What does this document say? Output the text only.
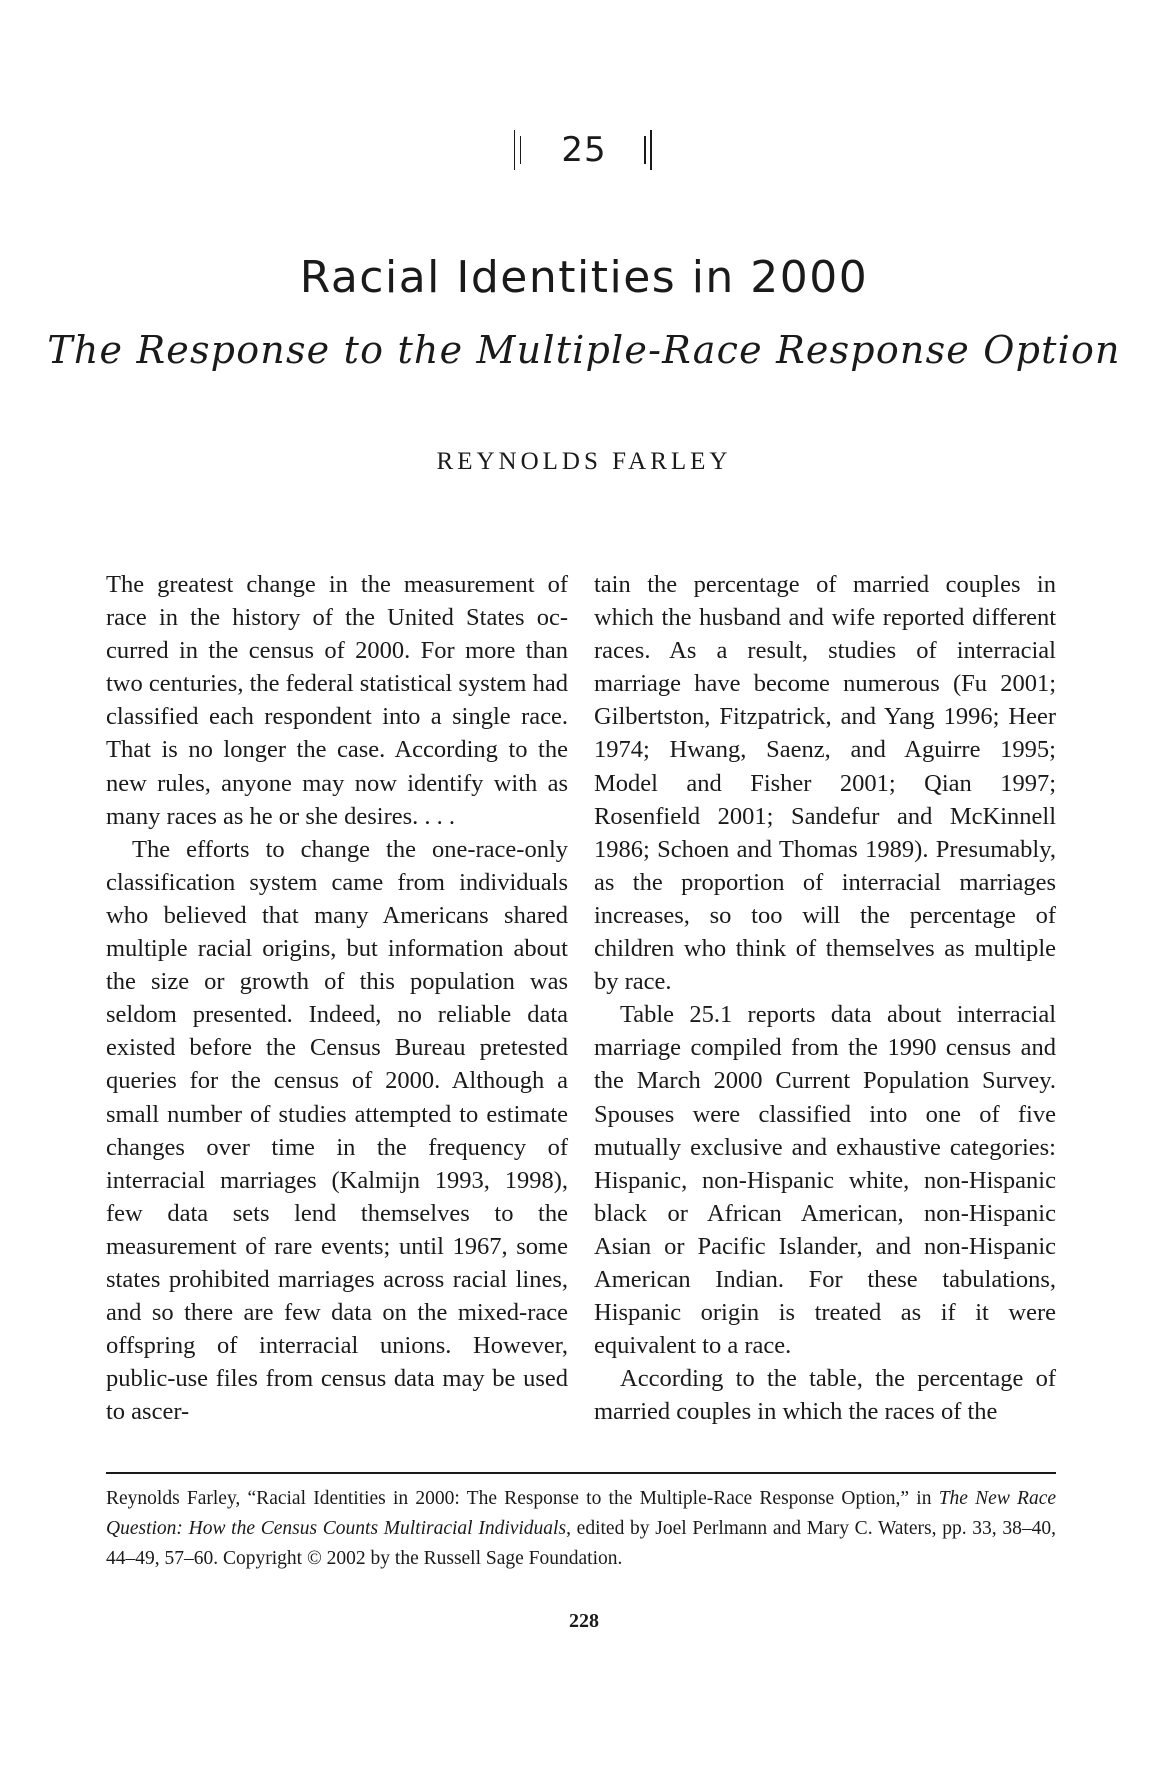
25
Racial Identities in 2000
The Response to the Multiple-Race Response Option
REYNOLDS FARLEY

The greatest change in the measurement of race in the history of the United States occurred in the census of 2000. For more than two centuries, the federal statistical system had classified each respondent into a single race. That is no longer the case. According to the new rules, anyone may now identify with as many races as he or she desires. . . .

The efforts to change the one-race-only classification system came from individuals who believed that many Americans shared multiple racial origins, but information about the size or growth of this population was seldom presented. Indeed, no reliable data existed before the Census Bureau pretested queries for the census of 2000. Although a small number of studies attempted to estimate changes over time in the frequency of interracial marriages (Kalmijn 1993, 1998), few data sets lend themselves to the measurement of rare events; until 1967, some states prohibited marriages across racial lines, and so there are few data on the mixed-race offspring of interracial unions. However, public-use files from census data may be used to ascer-

tain the percentage of married couples in which the husband and wife reported different races. As a result, studies of interracial marriage have become numerous (Fu 2001; Gilbertston, Fitzpatrick, and Yang 1996; Heer 1974; Hwang, Saenz, and Aguirre 1995; Model and Fisher 2001; Qian 1997; Rosenfield 2001; Sandefur and McKinnell 1986; Schoen and Thomas 1989). Presumably, as the proportion of interracial marriages increases, so too will the percentage of children who think of themselves as multiple by race.

Table 25.1 reports data about interracial marriage compiled from the 1990 census and the March 2000 Current Population Survey. Spouses were classified into one of five mutually exclusive and exhaustive categories: Hispanic, non-Hispanic white, non-Hispanic black or African American, non-Hispanic Asian or Pacific Islander, and non-Hispanic American Indian. For these tabulations, Hispanic origin is treated as if it were equivalent to a race.

According to the table, the percentage of married couples in which the races of the

Reynolds Farley, “Racial Identities in 2000: The Response to the Multiple-Race Response Option,” in The New Race Question: How the Census Counts Multiracial Individuals, edited by Joel Perlmann and Mary C. Waters, pp. 33, 38–40, 44–49, 57–60. Copyright © 2002 by the Russell Sage Foundation.
228
